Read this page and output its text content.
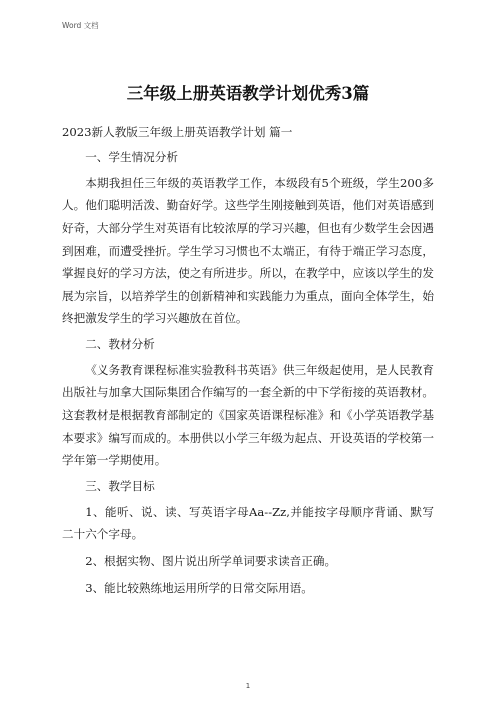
Word 文档
三年级上册英语教学计划优秀3篇

2023新人教版三年级上册英语教学计划 篇一

一、学生情况分析

本期我担任三年级的英语教学工作，本级段有5个班级，学生200多人。他们聪明活泼、勤奋好学。这些学生刚接触到英语，他们对英语感到好奇，大部分学生对英语有比较浓厚的学习兴趣，但也有少数学生会因遇到困难，而遭受挫折。学生学习习惯也不太端正，有待于端正学习态度，掌握良好的学习方法，使之有所进步。所以，在教学中，应该以学生的发展为宗旨，以培养学生的创新精神和实践能力为重点，面向全体学生，始终把激发学生的学习兴趣放在首位。

二、教材分析

《义务教育课程标准实验教科书英语》供三年级起使用，是人民教育出版社与加拿大国际集团合作编写的一套全新的中下学衔接的英语教材。这套教材是根据教育部制定的《国家英语课程标准》和《小学英语教学基本要求》编写而成的。本册供以小学三年级为起点、开设英语的学校第一学年第一学期使用。

三、教学目标

1、能听、说、读、写英语字母Aa--Zz,并能按字母顺序背诵、默写二十六个字母。

2、根据实物、图片说出所学单词要求读音正确。

3、能比较熟练地运用所学的日常交际用语。

1
